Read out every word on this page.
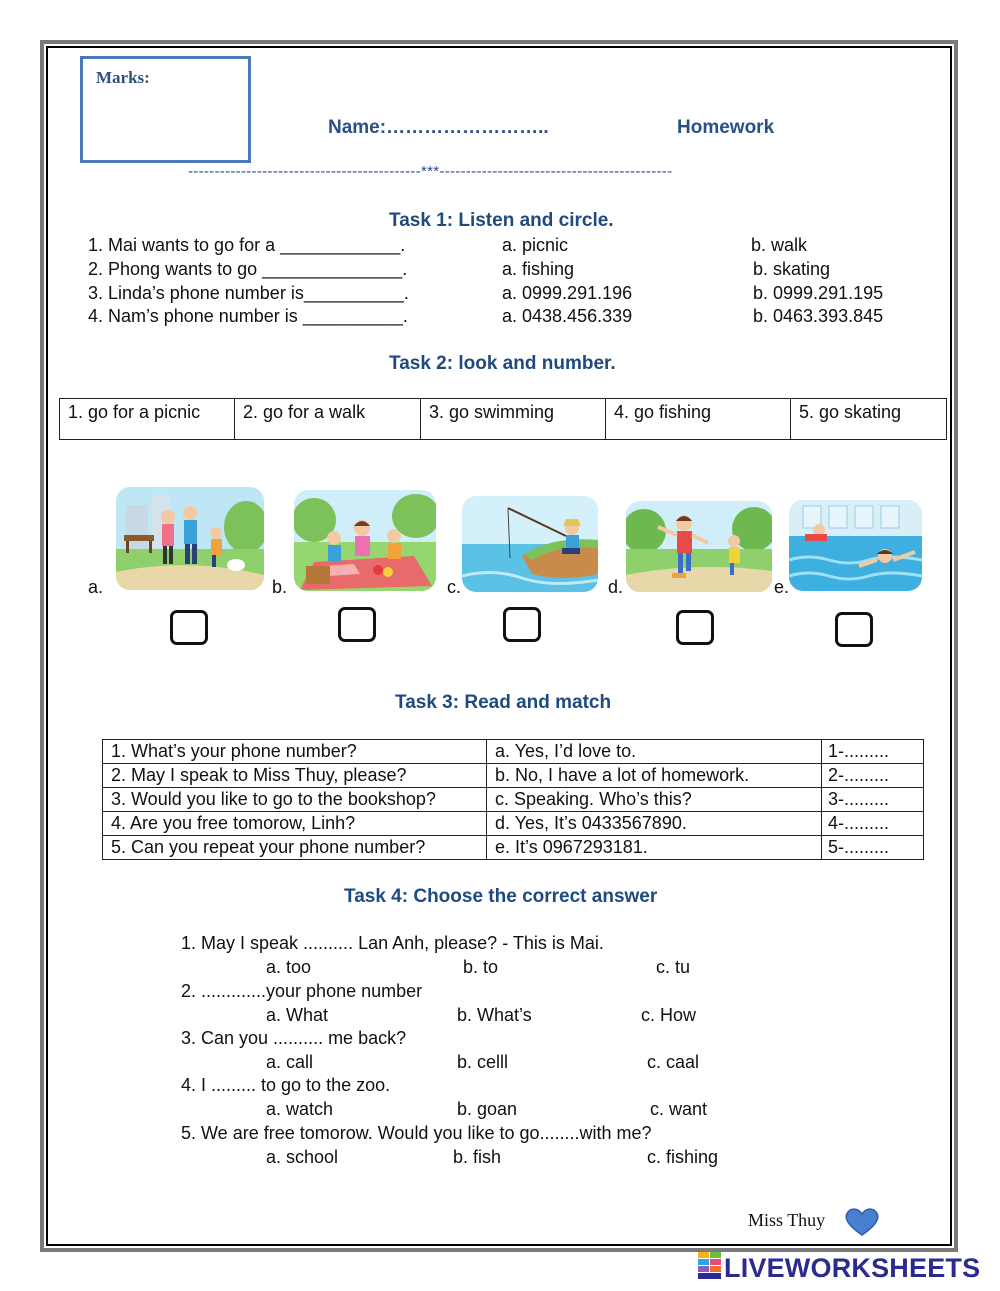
Marks:
Name:……………………..	Homework
--------------------------------------------***--------------------------------------------
Task 1: Listen and circle.
1. Mai wants to go for a ____________.	a. picnic	b. walk
2. Phong wants to go ______________.	a. fishing	b. skating
3. Linda’s phone number is__________.	a. 0999.291.196	b. 0999.291.195
4. Nam’s phone number is __________.	a. 0438.456.339	b. 0463.393.845
Task 2: look and number.
1. go for a picnic	2. go for a walk	3. go swimming	4. go fishing	5. go skating
a.	b.	c.	d.	e.
Task 3: Read and match
1. What’s your phone number?	a. Yes, I’d love to.	1-.........
2. May I speak to Miss Thuy, please?	b. No, I have a lot of homework.	2-.........
3. Would you like to go to the bookshop?	c. Speaking. Who’s this?	3-.........
4. Are you free tomorow, Linh?	d. Yes, It’s 0433567890.	4-.........
5. Can you repeat your phone number?	e. It’s 0967293181.	5-.........
Task 4: Choose the correct answer
1. May I speak .......... Lan Anh, please? - This is Mai.
a. too	b. to	c. tu
2. .............your phone number
a. What	b. What’s	c. How
3. Can you .......... me back?
a. call	b. celll	c. caal
4. I ......... to go to the zoo.
a. watch	b. goan	c. want
5. We are free tomorow. Would you like to go........with me?
a. school	b. fish	c. fishing
Miss Thuy
LIVEWORKSHEETS
